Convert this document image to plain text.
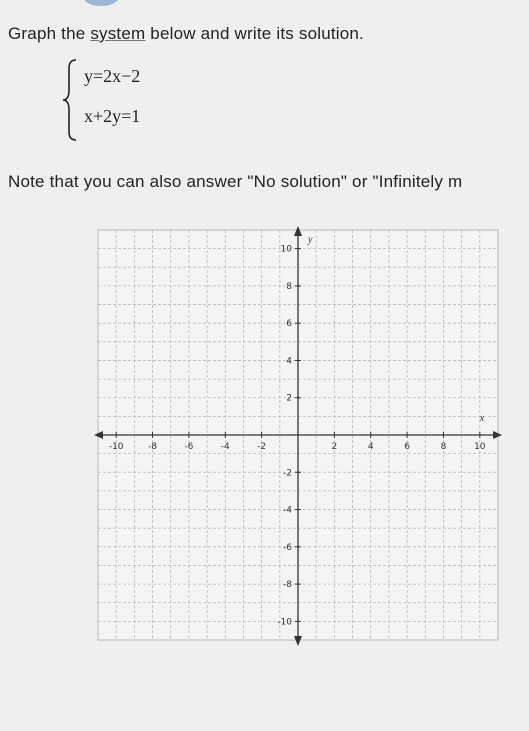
Graph the system below and write its solution.
y=2x−2
x+2y=1
Note that you can also answer "No solution" or "Infinitely m
-10	-8	-6	-4	-2	2	4	6	8	10
10
8
6
4
2
-2
-4
-6
-8
-10
x
y
